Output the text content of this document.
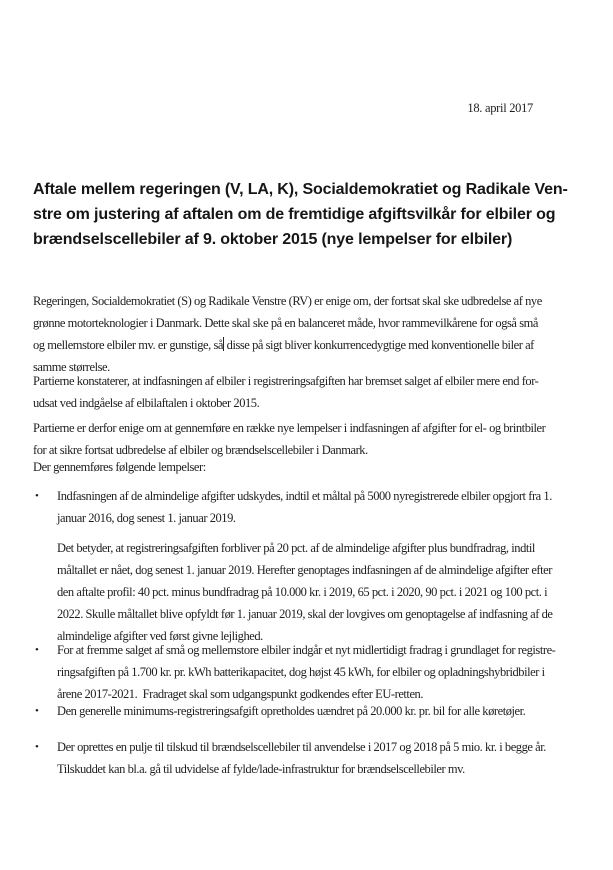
18. april 2017
Aftale mellem regeringen (V, LA, K), Socialdemokratiet og Radikale Ven-
stre om justering af aftalen om de fremtidige afgiftsvilkår for elbiler og
brændselscellebiler af 9. oktober 2015 (nye lempelser for elbiler)
Regeringen, Socialdemokratiet (S) og Radikale Venstre (RV) er enige om, der fortsat skal ske udbredelse af nye
grønne motorteknologier i Danmark. Dette skal ske på en balanceret måde, hvor rammevilkårene for også små
og mellemstore elbiler mv. er gunstige, så disse på sigt bliver konkurrencedygtige med konventionelle biler af
samme størrelse.
Partierne konstaterer, at indfasningen af elbiler i registreringsafgiften har bremset salget af elbiler mere end for-
udsat ved indgåelse af elbilaftalen i oktober 2015.
Partierne er derfor enige om at gennemføre en række nye lempelser i indfasningen af afgifter for el- og brintbiler
for at sikre fortsat udbredelse af elbiler og brændselscellebiler i Danmark.
Der gennemføres følgende lempelser:
•	Indfasningen af de almindelige afgifter udskydes, indtil et måltal på 5000 nyregistrerede elbiler opgjort fra 1.
januar 2016, dog senest 1. januar 2019.
Det betyder, at registreringsafgiften forbliver på 20 pct. af de almindelige afgifter plus bundfradrag, indtil
måltallet er nået, dog senest 1. januar 2019. Herefter genoptages indfasningen af de almindelige afgifter efter
den aftalte profil: 40 pct. minus bundfradrag på 10.000 kr. i 2019, 65 pct. i 2020, 90 pct. i 2021 og 100 pct. i
2022. Skulle måltallet blive opfyldt før 1. januar 2019, skal der lovgives om genoptagelse af indfasning af de
almindelige afgifter ved først givne lejlighed.
•	For at fremme salget af små og mellemstore elbiler indgår et nyt midlertidigt fradrag i grundlaget for registre-
ringsafgiften på 1.700 kr. pr. kWh batterikapacitet, dog højst 45 kWh, for elbiler og opladningshybridbiler i
årene 2017-2021.  Fradraget skal som udgangspunkt godkendes efter EU-retten.
•	Den generelle minimums-registreringsafgift opretholdes uændret på 20.000 kr. pr. bil for alle køretøjer.
•	Der oprettes en pulje til tilskud til brændselscellebiler til anvendelse i 2017 og 2018 på 5 mio. kr. i begge år.
Tilskuddet kan bl.a. gå til udvidelse af fylde/lade-infrastruktur for brændselscellebiler mv.
